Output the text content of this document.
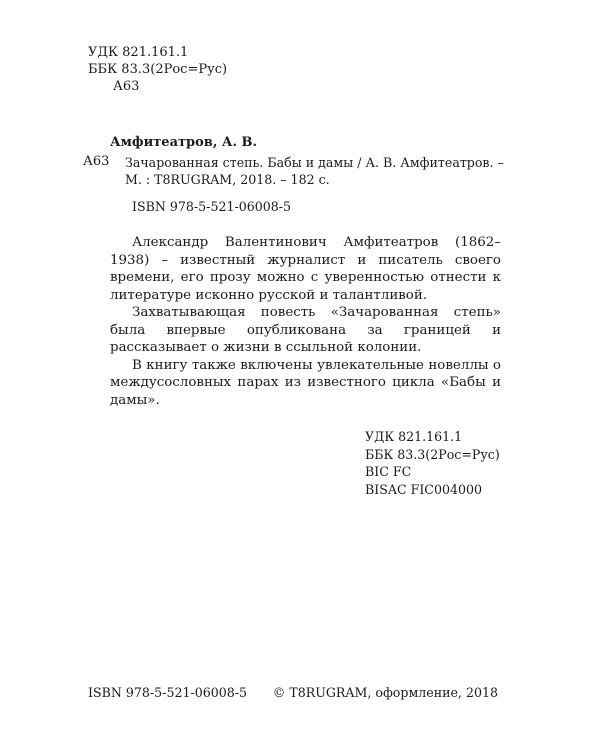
УДК 821.161.1
ББК 83.3(2Рос=Рус)
А63
Амфитеатров, А. В.
А63 Зачарованная степь. Бабы и дамы / А. В. Амфитеатров. –
М. : T8RUGRAM, 2018. – 182 с.
ISBN 978-5-521-06008-5

Александр Валентинович Амфитеатров (1862–1938) – известный журналист и писатель своего времени, его прозу можно с уверенностью отнести к литературе исконно русской и талантливой.

Захватывающая повесть «Зачарованная степь» была впервые опубликована за границей и рассказывает о жизни в ссыльной колонии.

В книгу также включены увлекательные новеллы о междусословных парах из известного цикла «Бабы и дамы».

УДК 821.161.1
ББК 83.3(2Рос=Рус)
BIC FC
BISAC FIC004000
ISBN 978-5-521-06008-5 © T8RUGRAM, оформление, 2018
